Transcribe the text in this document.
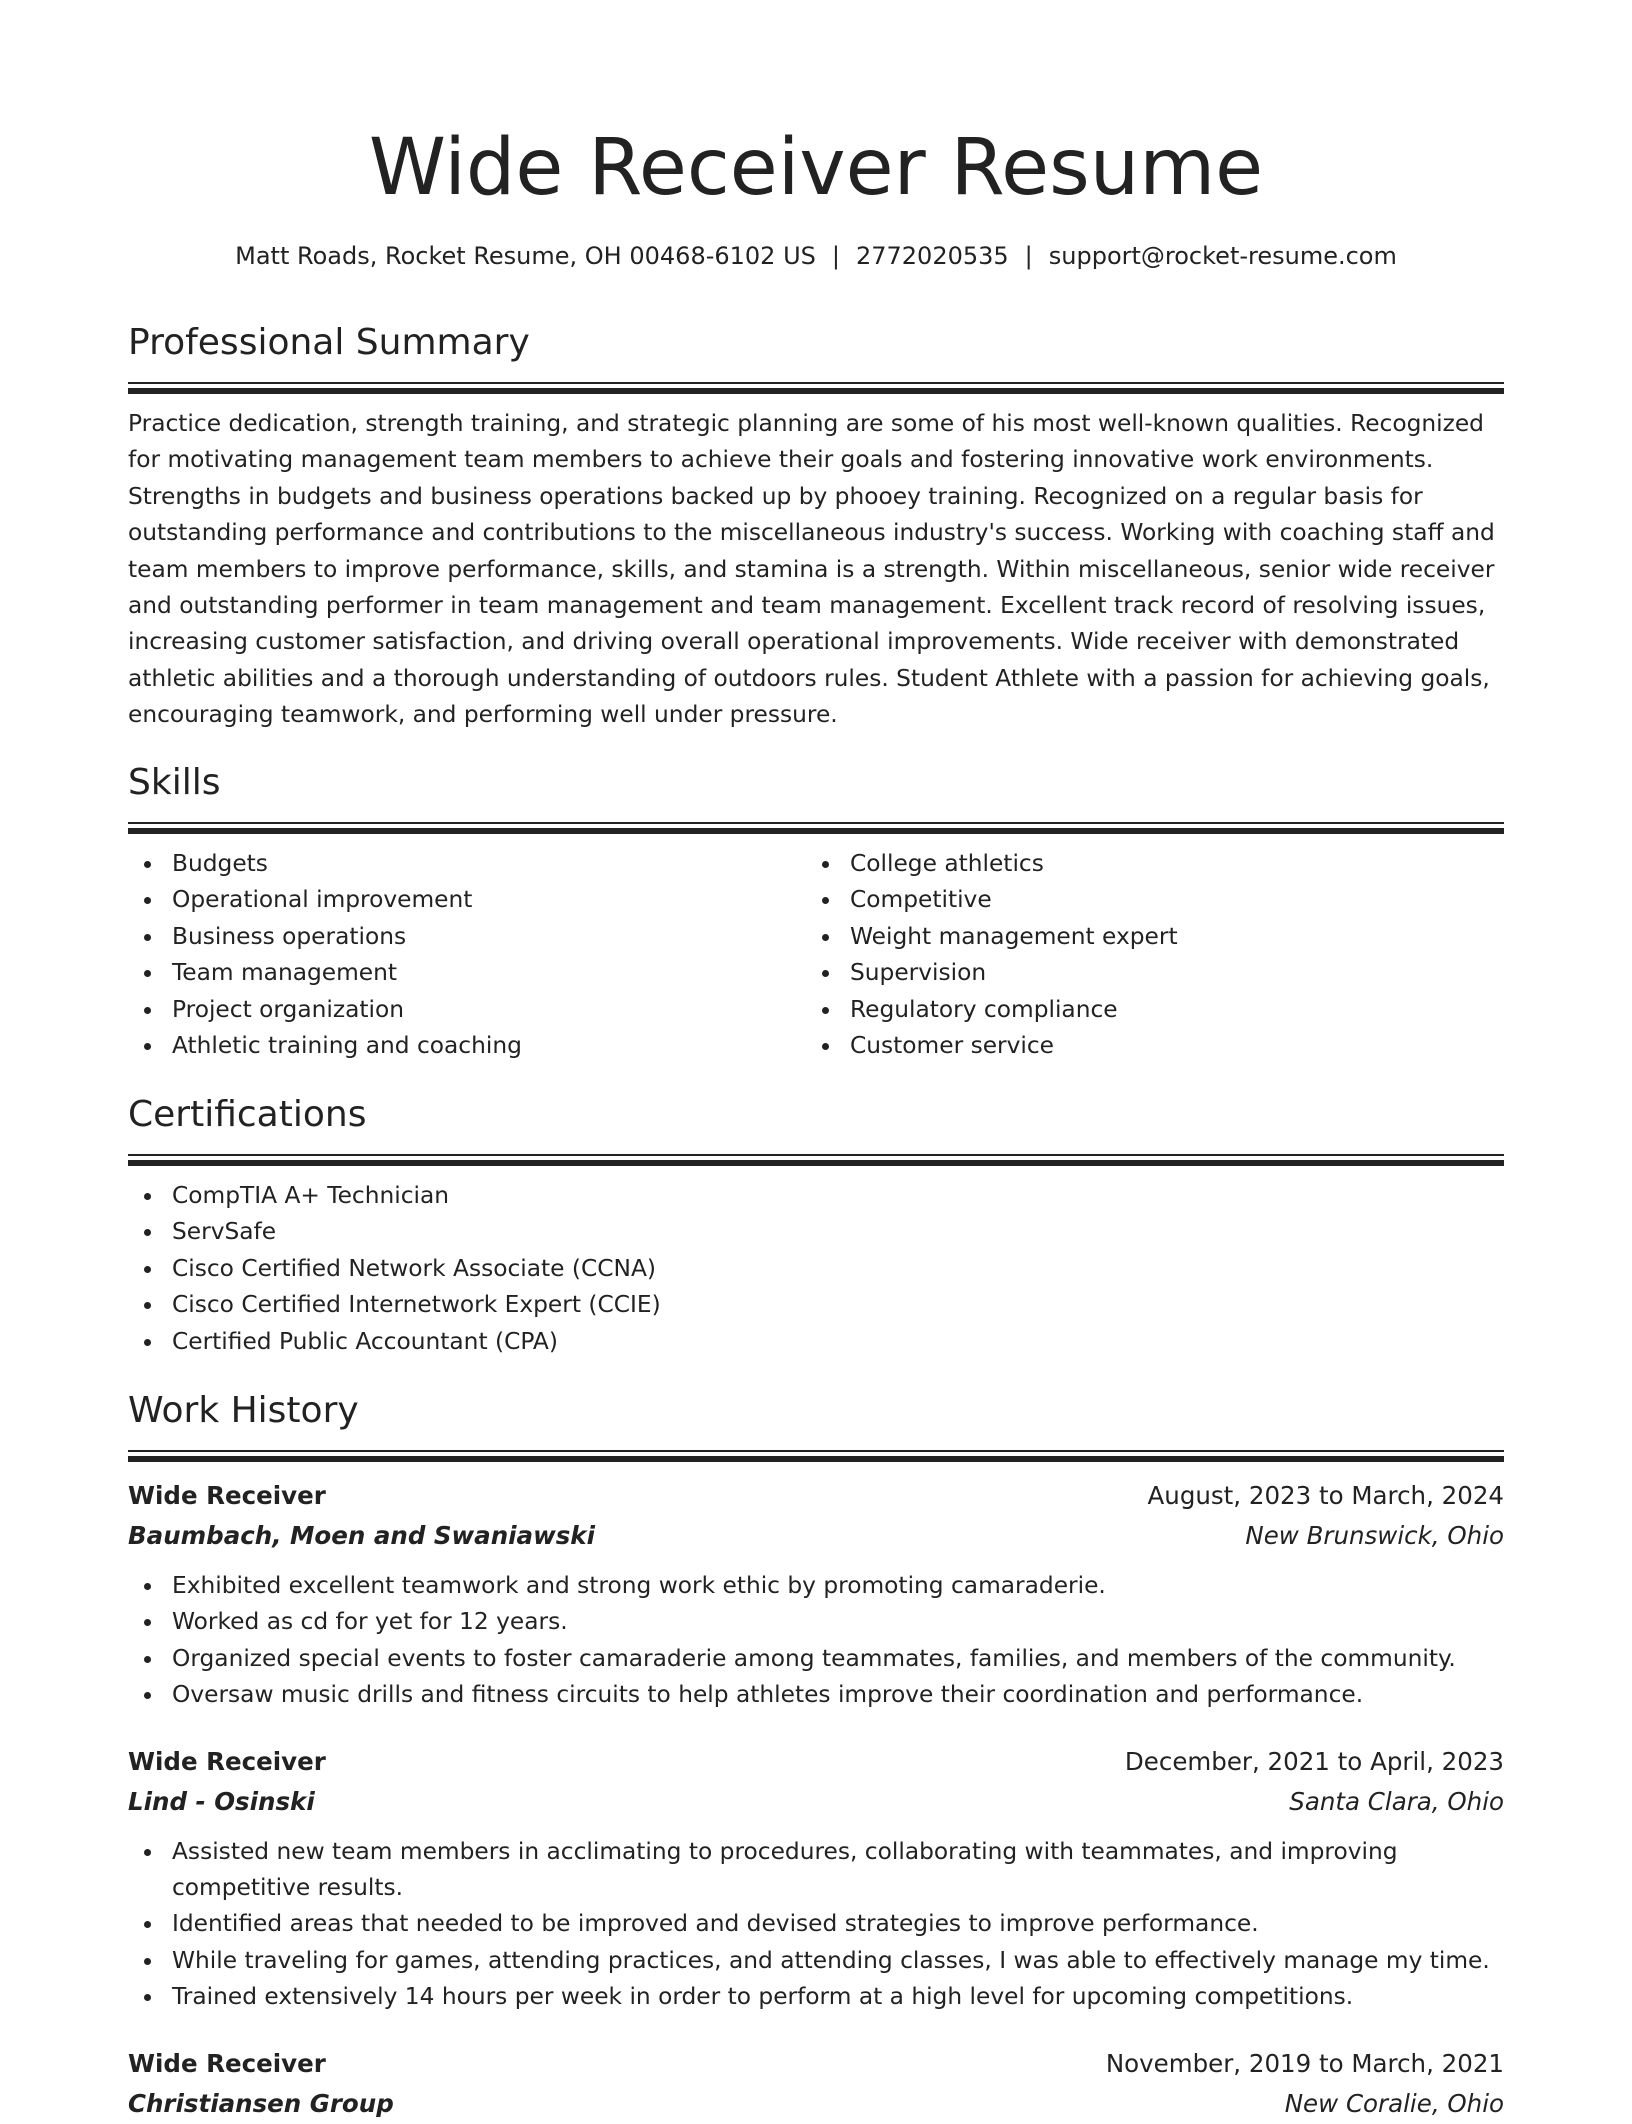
Wide Receiver Resume
Matt Roads, Rocket Resume, OH 00468-6102 US | 2772020535 | support@rocket-resume.com
Professional Summary
Practice dedication, strength training, and strategic planning are some of his most well-known qualities. Recognized for motivating management team members to achieve their goals and fostering innovative work environments. Strengths in budgets and business operations backed up by phooey training. Recognized on a regular basis for outstanding performance and contributions to the miscellaneous industry's success. Working with coaching staff and team members to improve performance, skills, and stamina is a strength. Within miscellaneous, senior wide receiver and outstanding performer in team management and team management. Excellent track record of resolving issues, increasing customer satisfaction, and driving overall operational improvements. Wide receiver with demonstrated athletic abilities and a thorough understanding of outdoors rules. Student Athlete with a passion for achieving goals, encouraging teamwork, and performing well under pressure.
Skills
Budgets
Operational improvement
Business operations
Team management
Project organization
Athletic training and coaching
College athletics
Competitive
Weight management expert
Supervision
Regulatory compliance
Customer service
Certifications
CompTIA A+ Technician
ServSafe
Cisco Certified Network Associate (CCNA)
Cisco Certified Internetwork Expert (CCIE)
Certified Public Accountant (CPA)
Work History
Wide Receiver	August, 2023 to March, 2024
Baumbach, Moen and Swaniawski	New Brunswick, Ohio
Exhibited excellent teamwork and strong work ethic by promoting camaraderie.
Worked as cd for yet for 12 years.
Organized special events to foster camaraderie among teammates, families, and members of the community.
Oversaw music drills and fitness circuits to help athletes improve their coordination and performance.
Wide Receiver	December, 2021 to April, 2023
Lind - Osinski	Santa Clara, Ohio
Assisted new team members in acclimating to procedures, collaborating with teammates, and improving competitive results.
Identified areas that needed to be improved and devised strategies to improve performance.
While traveling for games, attending practices, and attending classes, I was able to effectively manage my time.
Trained extensively 14 hours per week in order to perform at a high level for upcoming competitions.
Wide Receiver	November, 2019 to March, 2021
Christiansen Group	New Coralie, Ohio
